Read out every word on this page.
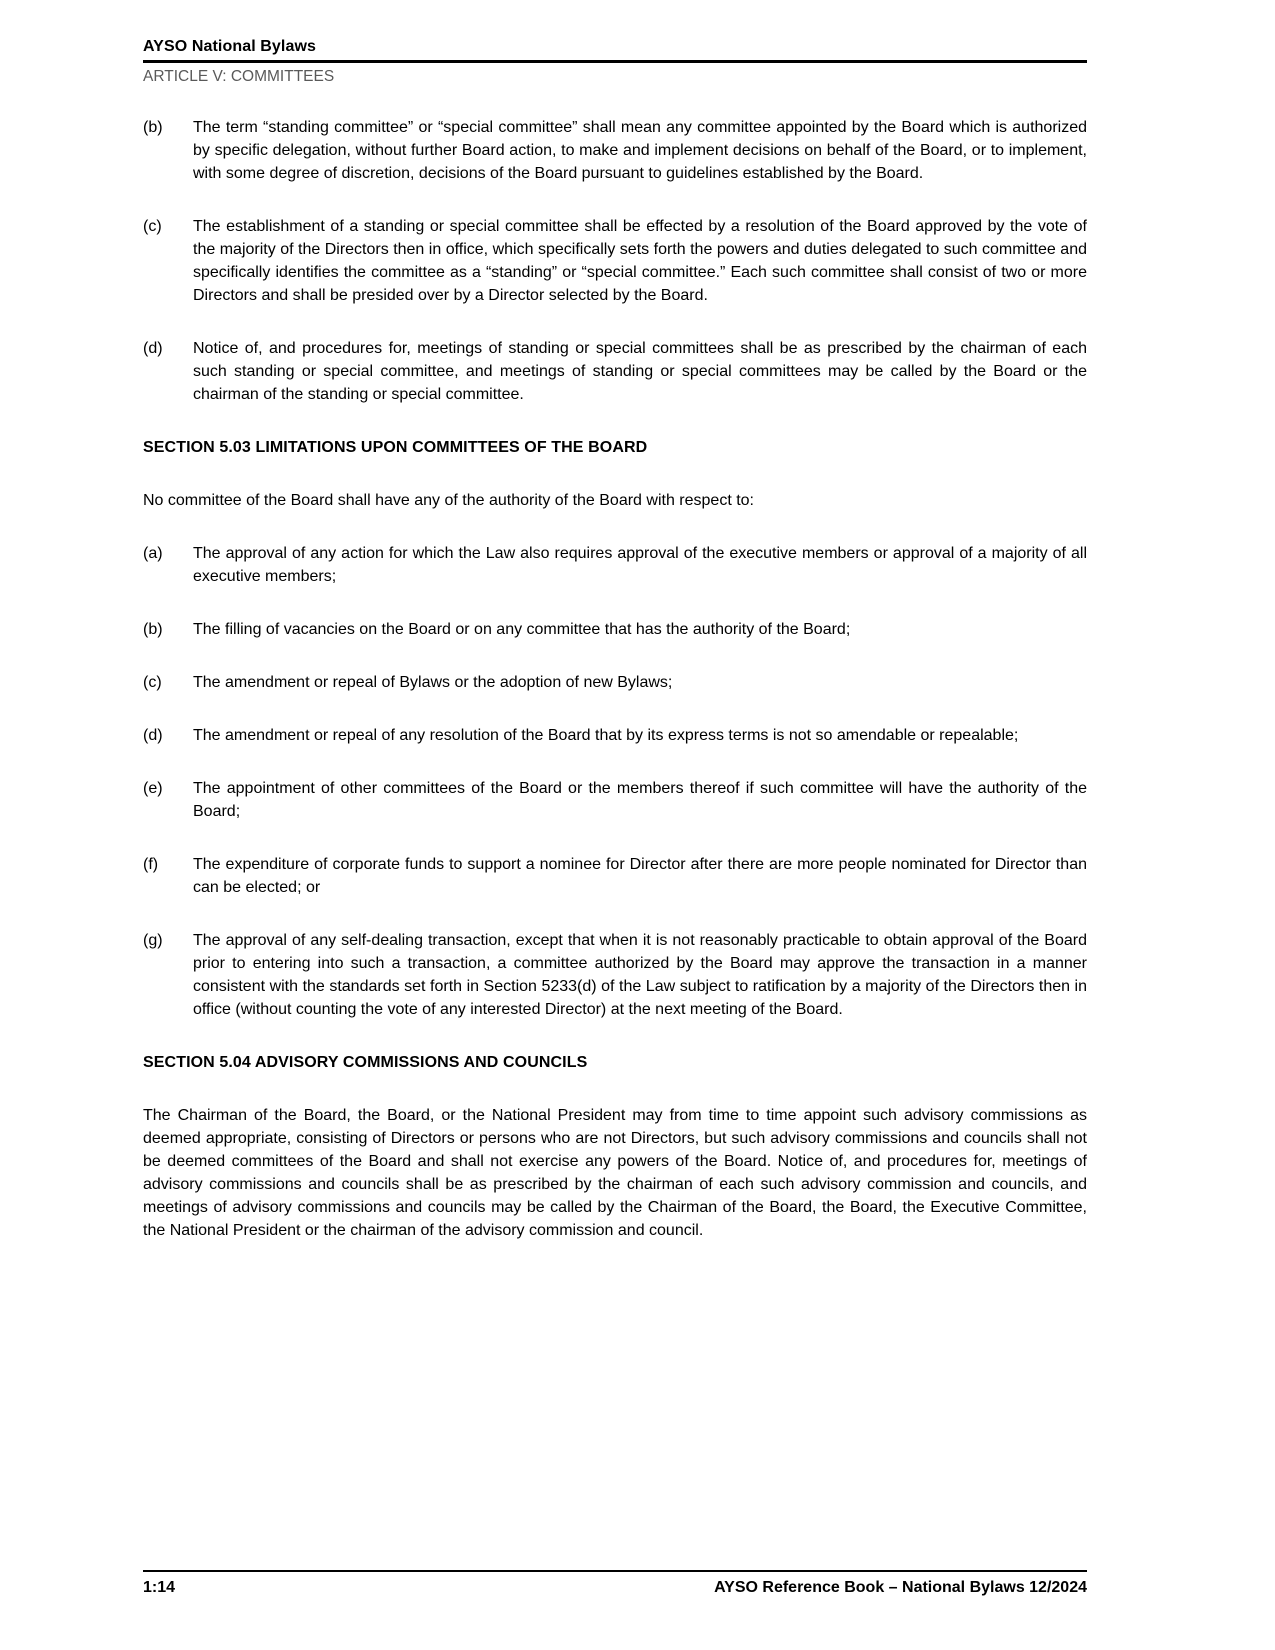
AYSO National Bylaws
ARTICLE V: COMMITTEES
(b)	The term “standing committee” or “special committee” shall mean any committee appointed by the Board which is authorized by specific delegation, without further Board action, to make and implement decisions on behalf of the Board, or to implement, with some degree of discretion, decisions of the Board pursuant to guidelines established by the Board.
(c)	The establishment of a standing or special committee shall be effected by a resolution of the Board approved by the vote of the majority of the Directors then in office, which specifically sets forth the powers and duties delegated to such committee and specifically identifies the committee as a “standing” or “special committee.” Each such committee shall consist of two or more Directors and shall be presided over by a Director selected by the Board.
(d)	Notice of, and procedures for, meetings of standing or special committees shall be as prescribed by the chairman of each such standing or special committee, and meetings of standing or special committees may be called by the Board or the chairman of the standing or special committee.
SECTION 5.03 LIMITATIONS UPON COMMITTEES OF THE BOARD
No committee of the Board shall have any of the authority of the Board with respect to:
(a)	The approval of any action for which the Law also requires approval of the executive members or approval of a majority of all executive members;
(b)	The filling of vacancies on the Board or on any committee that has the authority of the Board;
(c)	The amendment or repeal of Bylaws or the adoption of new Bylaws;
(d)	The amendment or repeal of any resolution of the Board that by its express terms is not so amendable or repealable;
(e)	The appointment of other committees of the Board or the members thereof if such committee will have the authority of the Board;
(f)	The expenditure of corporate funds to support a nominee for Director after there are more people nominated for Director than can be elected; or
(g)	The approval of any self-dealing transaction, except that when it is not reasonably practicable to obtain approval of the Board prior to entering into such a transaction, a committee authorized by the Board may approve the transaction in a manner consistent with the standards set forth in Section 5233(d) of the Law subject to ratification by a majority of the Directors then in office (without counting the vote of any interested Director) at the next meeting of the Board.
SECTION 5.04 ADVISORY COMMISSIONS AND COUNCILS
The Chairman of the Board, the Board, or the National President may from time to time appoint such advisory commissions as deemed appropriate, consisting of Directors or persons who are not Directors, but such advisory commissions and councils shall not be deemed committees of the Board and shall not exercise any powers of the Board. Notice of, and procedures for, meetings of advisory commissions and councils shall be as prescribed by the chairman of each such advisory commission and councils, and meetings of advisory commissions and councils may be called by the Chairman of the Board, the Board, the Executive Committee, the National President or the chairman of the advisory commission and council.
1:14	AYSO Reference Book – National Bylaws 12/2024
